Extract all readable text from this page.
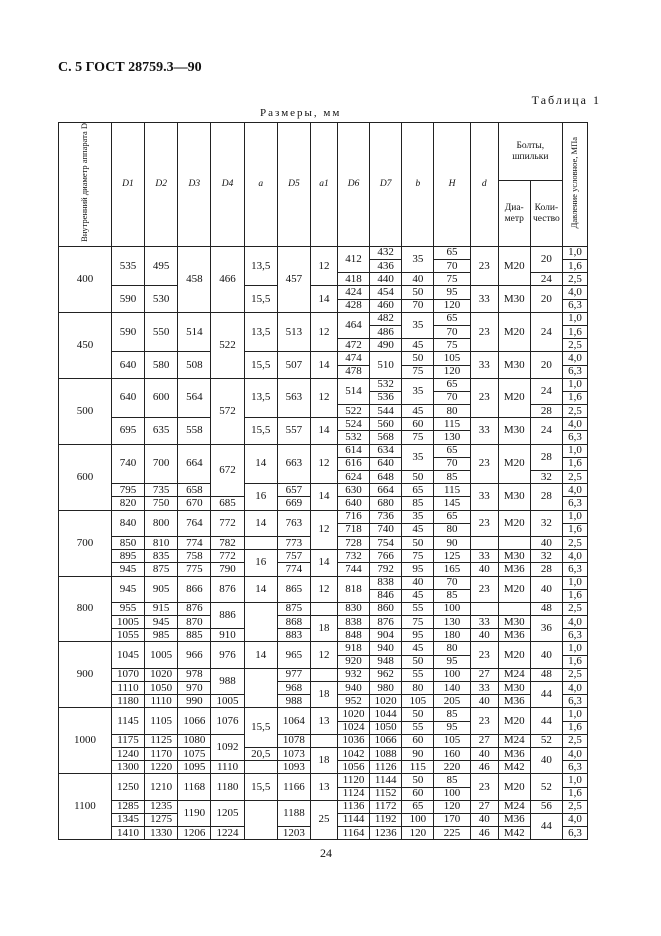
С. 5 ГОСТ 28759.3—90
Таблица 1
Размеры, мм
Внутренний диаметр аппарата D	D1	D2	D3	D4	a	D5	a1	D6	D7	b	H	d	Болты, шпильки		Давление условное, МПа
													Диа-метр	Коли-чество	
400	535	495	458	466	13,5	457	12	412	432	35	65	23	M20	20	1,0
									436		70				1,6
								418	440	40	75			24	2,5
	590	530			15,5		14	424	454	50	95	33	M30	20	4,0
								428	460	70	120				6,3
450	590	550	514	522	13,5	513	12	464	482	35	65	23	M20	24	1,0
									486		70				1,6
								472	490	45	75				2,5
	640	580	508		15,5	507	14	474	510	50	105	33	M30	20	4,0
								478		75	120				6,3
500	640	600	564	572	13,5	563	12	514	532	35	65	23	M20	24	1,0
									536		70				1,6
								522	544	45	80			28	2,5
	695	635	558		15,5	557	14	524	560	60	115	33	M30	24	4,0
								532	568	75	130				6,3
600	740	700	664	672	14	663	12	614	634	35	65	23	M20	28	1,0
								616	640		70				1,6
								624	648	50	85			32	2,5
	795	735	658		16	657	14	630	664	65	115	33	M30	28	4,0
	820	750	670	685		669		640	680	85	145				6,3
700	840	800	764	772	14	763	12	716	736	35	65	23	M20	32	1,0
								718	740	45	80				1,6
	850	810	774	782		773		728	754	50	90			40	2,5
	895	835	758	772	16	757	14	732	766	75	125	33	M30	32	4,0
	945	875	775	790		774		744	792	95	165	40	M36	28	6,3
800	945	905	866	876	14	865	12	818	838	40	70	23	M20	40	1,0
									846	45	85				1,6
	955	915	876	886		875		830	860	55	100			48	2,5
	1005	945	870			868	18	838	876	75	130	33	M30	36	4,0
	1055	985	885	910		883		848	904	95	180	40	M36		6,3
900	1045	1005	966	976	14	965	12	918	940	45	80	23	M20	40	1,0
								920	948	50	95				1,6
	1070	1020	978	988		977		932	962	55	100	27	M24	48	2,5
	1110	1050	970			968	18	940	980	80	140	33	M30	44	4,0
	1180	1110	990	1005		988		952	1020	105	205	40	M36		6,3
1000	1145	1105	1066	1076	15,5	1064	13	1020	1044	50	85	23	M20	44	1,0
								1024	1050	55	95				1,6
	1175	1125	1080	1092		1078		1036	1066	60	105	27	M24	52	2,5
	1240	1170	1075		20,5	1073	18	1042	1088	90	160	40	M36	40	4,0
	1300	1220	1095	1110		1093		1056	1126	115	220	46	M42		6,3
1100	1250	1210	1168	1180	15,5	1166	13	1120	1144	50	85	23	M20	52	1,0
								1124	1152	60	100				1,6
	1285	1235	1190	1205		1188	25	1136	1172	65	120	27	M24	56	2,5
	1345	1275						1144	1192	100	170	40	M36	44	4,0
	1410	1330	1206	1224		1203		1164	1236	120	225	46	M42		6,3
24
